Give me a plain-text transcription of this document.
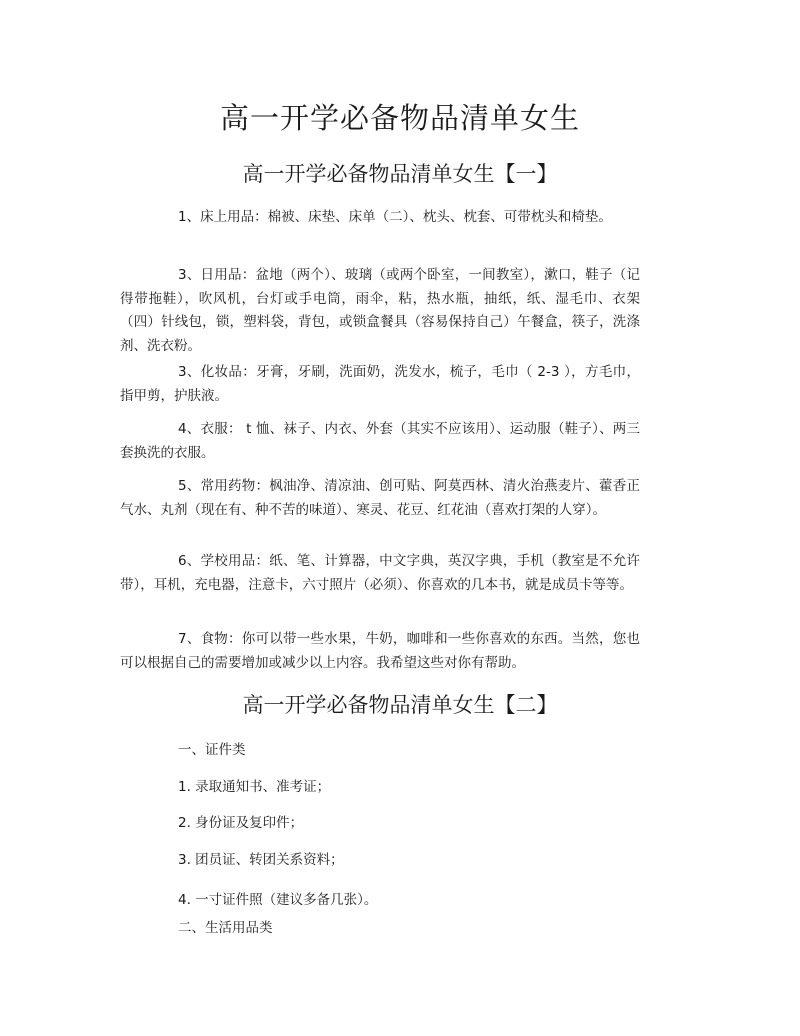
高一开学必备物品清单女生
高一开学必备物品清单女生【一】

1、床上用品：棉被、床垫、床单（二）、枕头、枕套、可带枕头和椅垫。

3、日用品：盆地（两个）、玻璃（或两个卧室，一间教室），漱口，鞋子（记得带拖鞋），吹风机，台灯或手电筒，雨伞，粘，热水瓶，抽纸，纸、湿毛巾、衣架（四）针线包，锁，塑料袋，背包，或锁盒餐具（容易保持自己）午餐盒，筷子，洗涤剂、洗衣粉。

3、化妆品：牙膏，牙刷，洗面奶，洗发水，梳子，毛巾（ 2-3 ），方毛巾，指甲剪，护肤液。

4、衣服： t 恤、袜子、内衣、外套（其实不应该用）、运动服（鞋子）、两三套换洗的衣服。

5、常用药物：枫油净、清凉油、创可贴、阿莫西林、清火治燕麦片、藿香正气水、丸剂（现在有、种不苦的味道）、寒灵、花豆、红花油（喜欢打架的人穿）。

6、学校用品：纸、笔、计算器，中文字典，英汉字典，手机（教室是不允许带），耳机，充电器，注意卡，六寸照片（必须）、你喜欢的几本书，就是成员卡等等。

7、食物：你可以带一些水果，牛奶，咖啡和一些你喜欢的东西。当然，您也可以根据自己的需要增加或减少以上内容。我希望这些对你有帮助。

高一开学必备物品清单女生【二】

一、证件类

1. 录取通知书、准考证；

2. 身份证及复印件；

3. 团员证、转团关系资料；

4. 一寸证件照（建议多备几张）。

二、生活用品类
